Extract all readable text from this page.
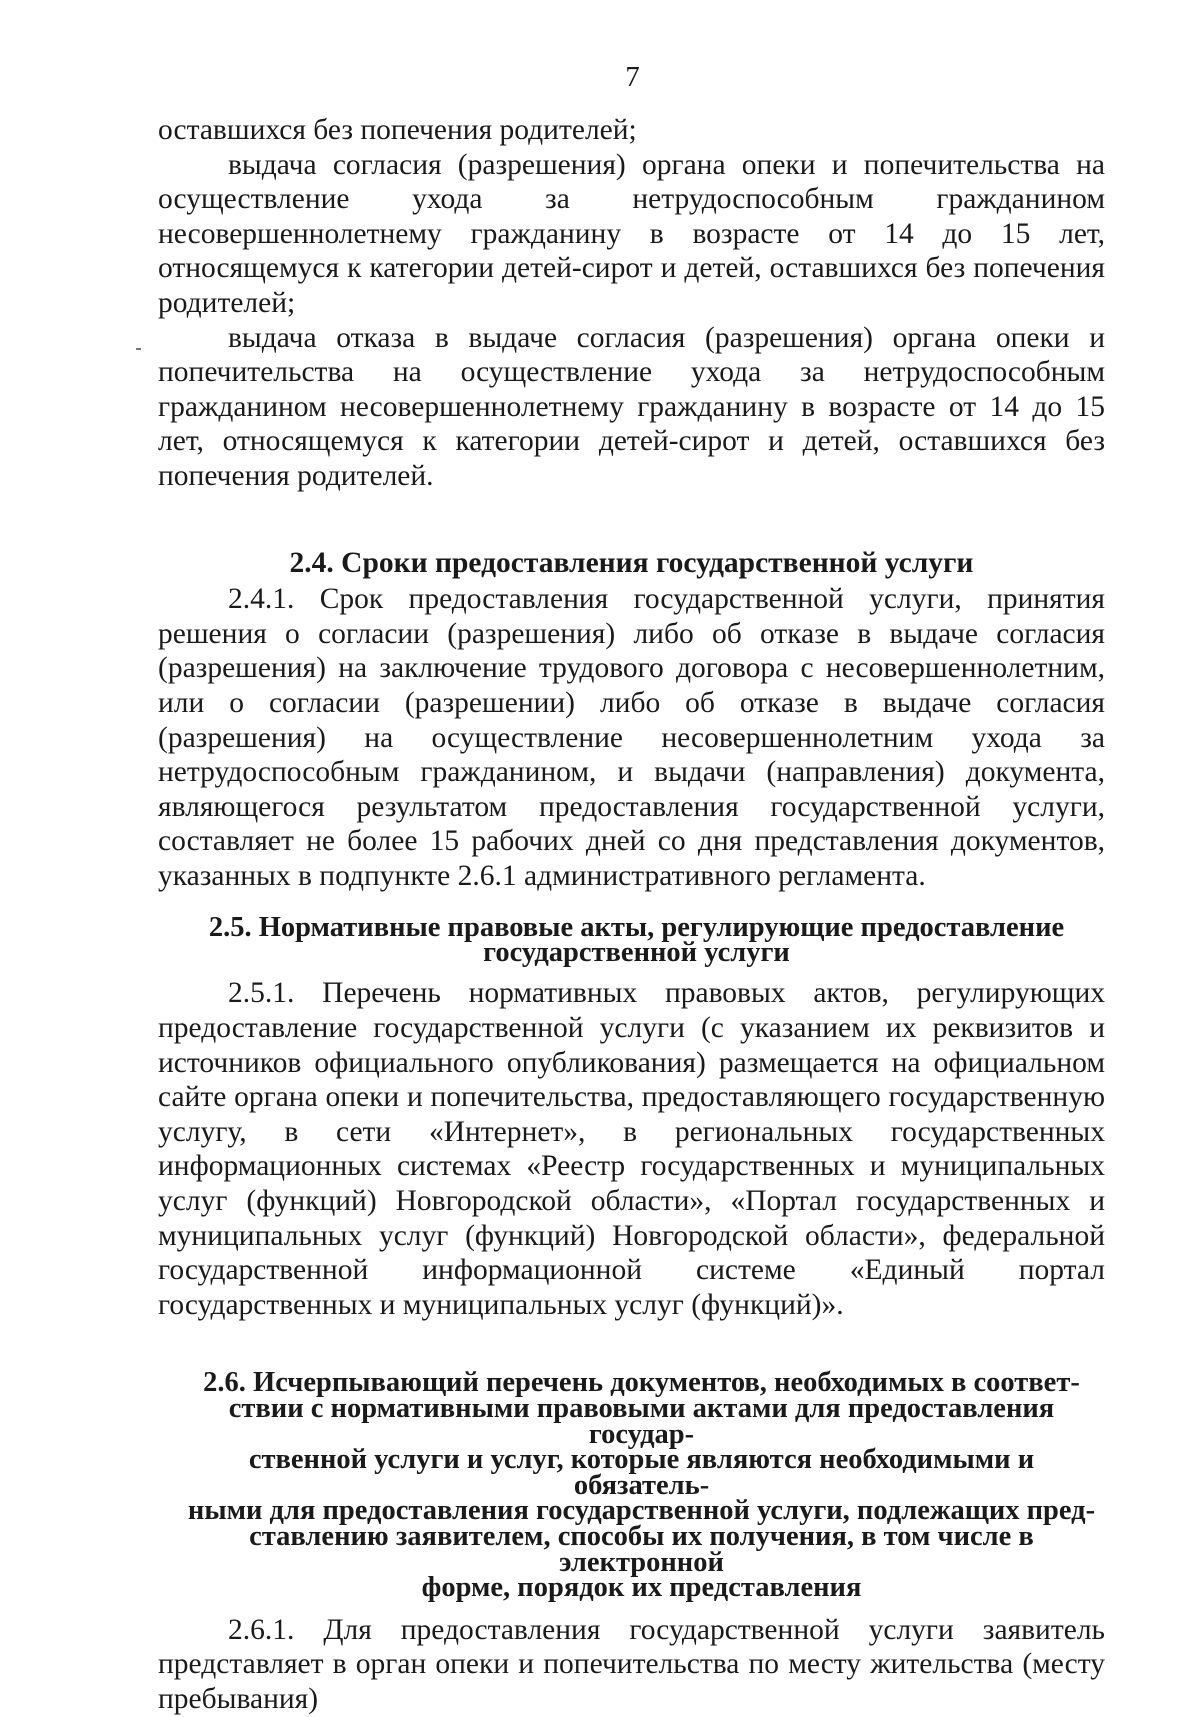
7

оставшихся без попечения родителей;

выдача согласия (разрешения) органа опеки и попечительства на осуществление ухода за нетрудоспособным гражданином несовершеннолетнему гражданину в возрасте от 14 до 15 лет, относящемуся к категории детей-сирот и детей, оставшихся без попечения родителей;

выдача отказа в выдаче согласия (разрешения) органа опеки и попечительства на осуществление ухода за нетрудоспособным гражданином несовершеннолетнему гражданину в возрасте от 14 до 15 лет, относящемуся к категории детей-сирот и детей, оставшихся без попечения родителей.

2.4. Сроки предоставления государственной услуги

2.4.1. Срок предоставления государственной услуги, принятия решения о согласии (разрешения) либо об отказе в выдаче согласия (разрешения) на заключение трудового договора с несовершеннолетним, или о согласии (разрешении) либо об отказе в выдаче согласия (разрешения) на осуществление несовершеннолетним ухода за нетрудоспособным гражданином, и выдачи (направления) документа, являющегося результатом предоставления государственной услуги, составляет не более 15 рабочих дней со дня представления документов, указанных в подпункте 2.6.1 административного регламента.

2.5. Нормативные правовые акты, регулирующие предоставление
государственной услуги

2.5.1. Перечень нормативных правовых актов, регулирующих предоставление государственной услуги (с указанием их реквизитов и источников официального опубликования) размещается на официальном сайте органа опеки и попечительства, предоставляющего государственную услугу, в сети «Интернет», в региональных государственных информационных системах «Реестр государственных и муниципальных услуг (функций) Новгородской области», «Портал государственных и муниципальных услуг (функций) Новгородской области», федеральной государственной информационной системе «Единый портал государственных и муниципальных услуг (функций)».

2.6. Исчерпывающий перечень документов, необходимых в соответ-
ствии с нормативными правовыми актами для предоставления государ-
ственной услуги и услуг, которые являются необходимыми и обязатель-
ными для предоставления государственной услуги, подлежащих пред-
ставлению заявителем, способы их получения, в том числе в электронной
форме, порядок их представления

2.6.1. Для предоставления государственной услуги заявитель представляет в орган опеки и попечительства по месту жительства (месту пребывания)
